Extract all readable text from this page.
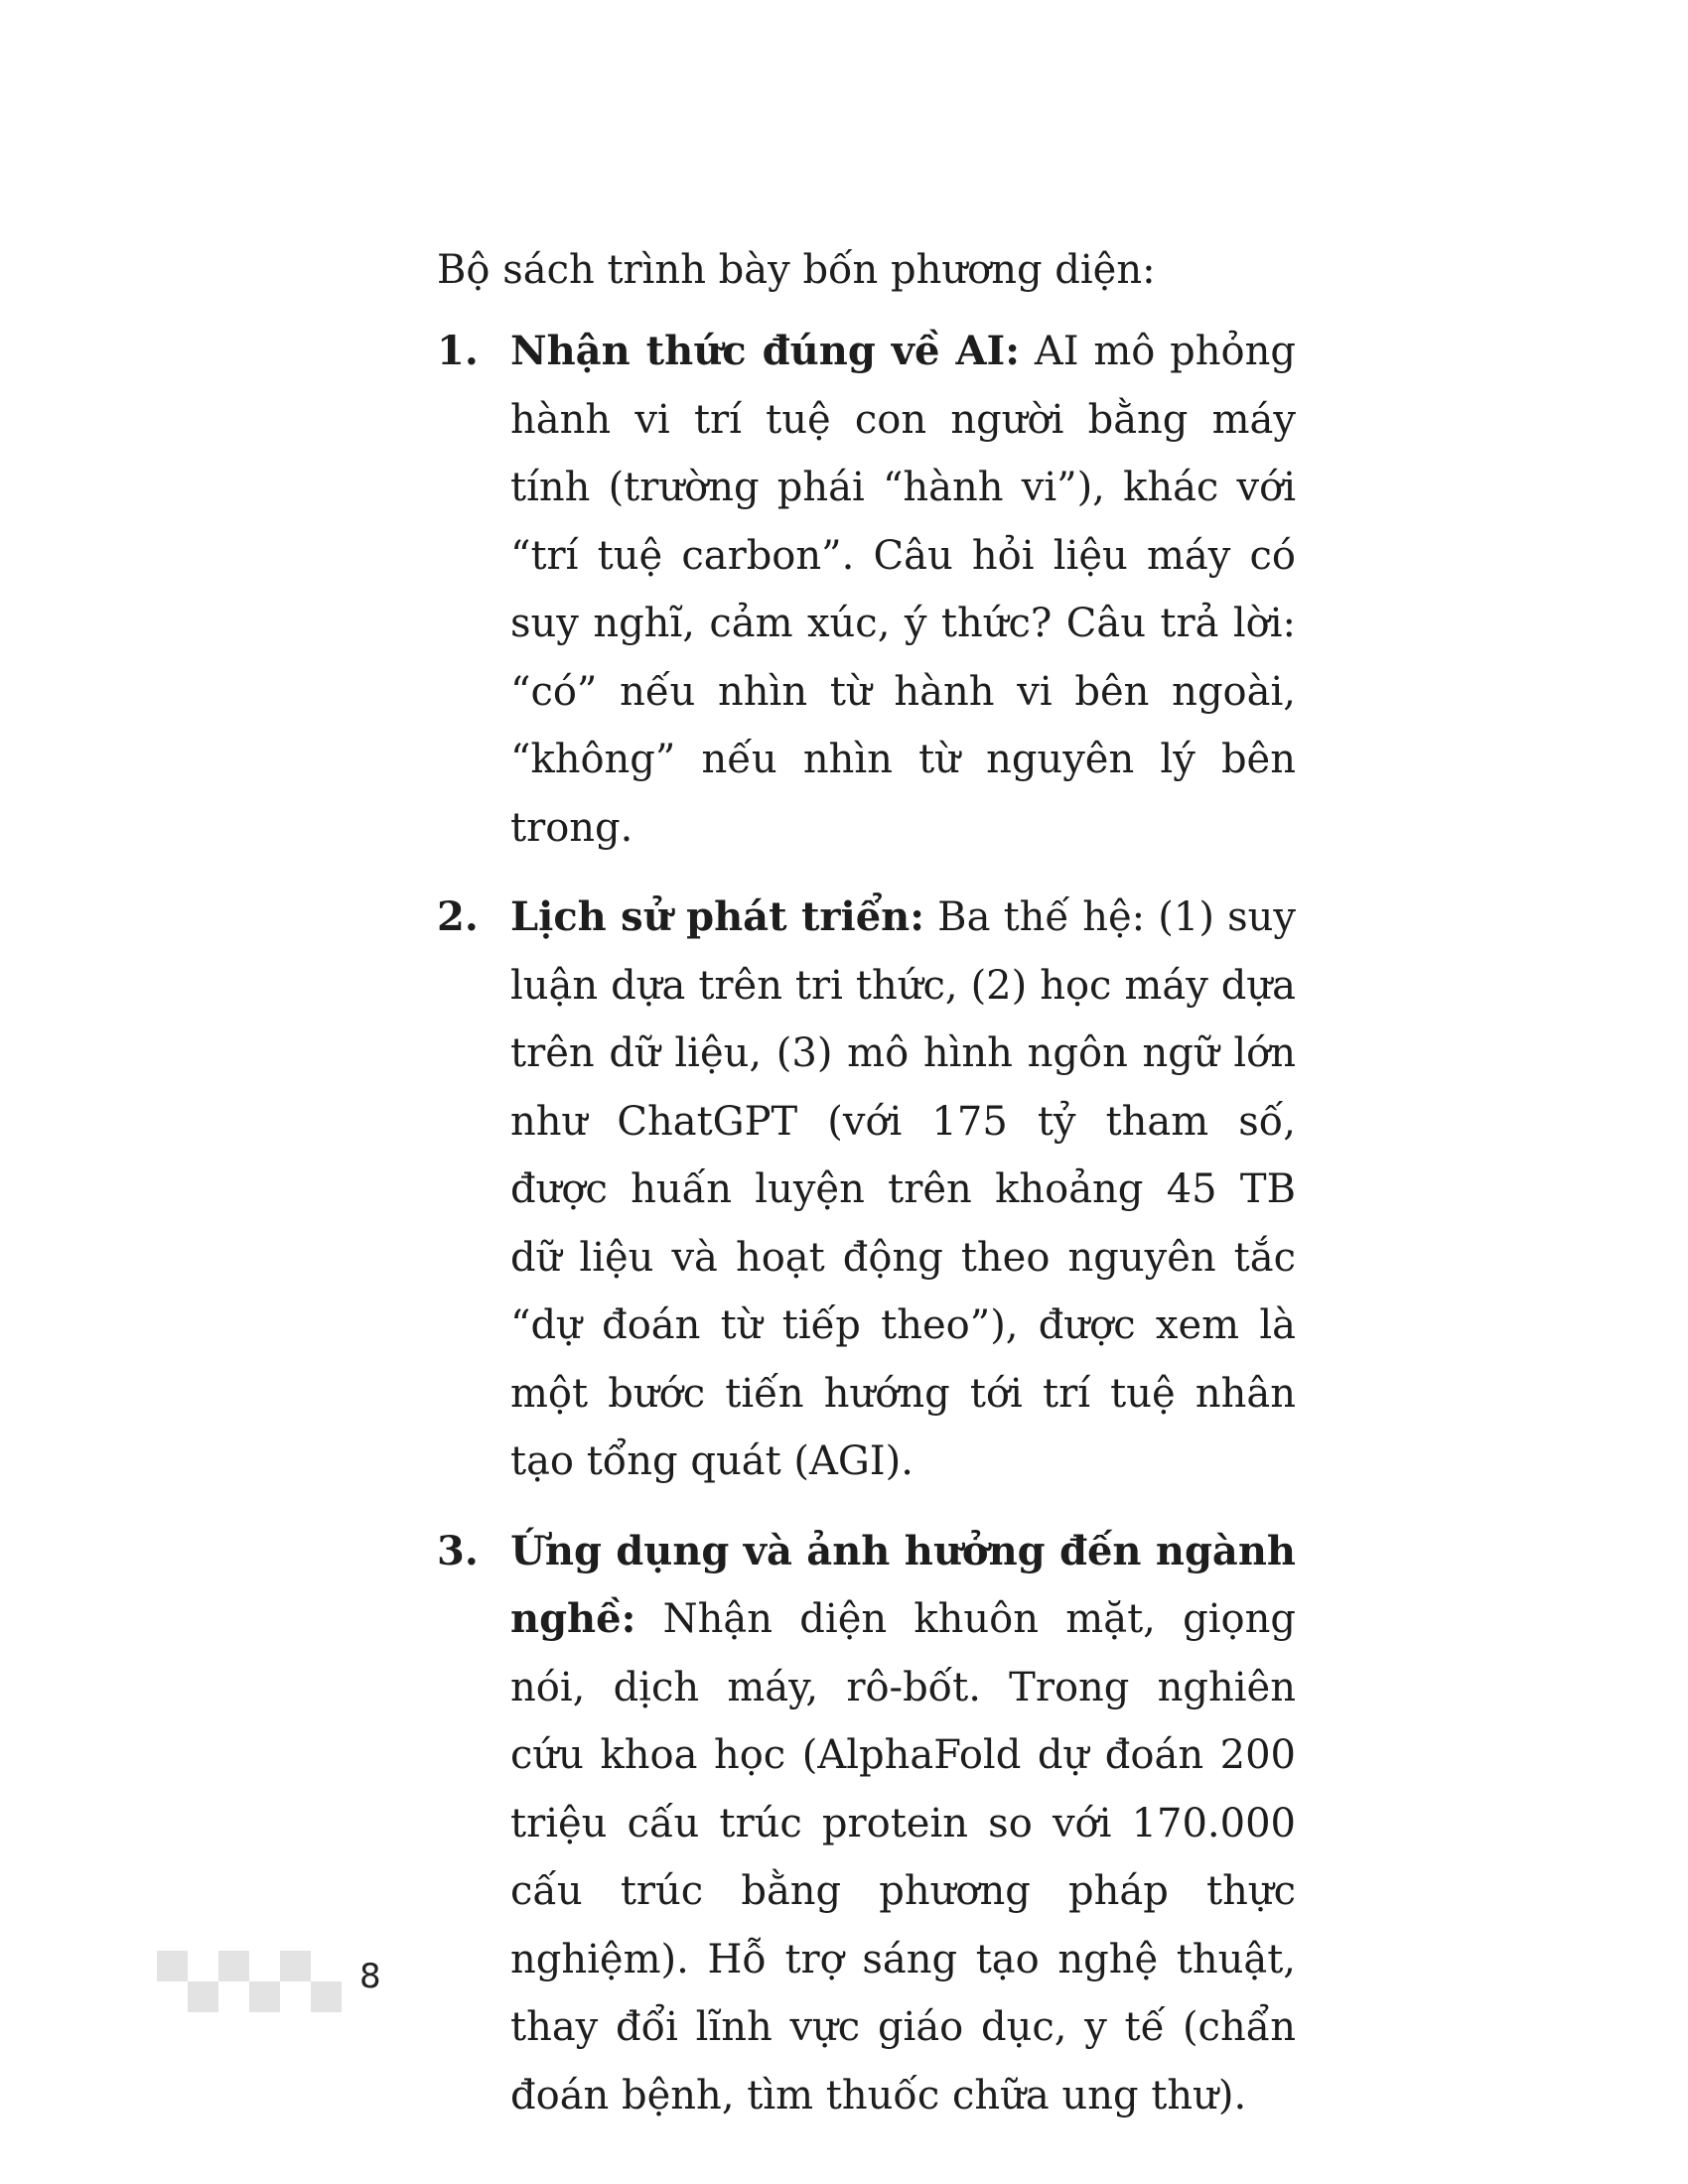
Bộ sách trình bày bốn phương diện:

1. Nhận thức đúng về AI: AI mô phỏng hành vi trí tuệ con người bằng máy tính (trường phái “hành vi”), khác với “trí tuệ carbon”. Câu hỏi liệu máy có suy nghĩ, cảm xúc, ý thức? Câu trả lời: “có” nếu nhìn từ hành vi bên ngoài, “không” nếu nhìn từ nguyên lý bên trong.
2. Lịch sử phát triển: Ba thế hệ: (1) suy luận dựa trên tri thức, (2) học máy dựa trên dữ liệu, (3) mô hình ngôn ngữ lớn như ChatGPT (với 175 tỷ tham số, được huấn luyện trên khoảng 45 TB dữ liệu và hoạt động theo nguyên tắc “dự đoán từ tiếp theo”), được xem là một bước tiến hướng tới trí tuệ nhân tạo tổng quát (AGI).
3. Ứng dụng và ảnh hưởng đến ngành nghề: Nhận diện khuôn mặt, giọng nói, dịch máy, rô-bốt. Trong nghiên cứu khoa học (AlphaFold dự đoán 200 triệu cấu trúc protein so với 170.000 cấu trúc bằng phương pháp thực nghiệm). Hỗ trợ sáng tạo nghệ thuật, thay đổi lĩnh vực giáo dục, y tế (chẩn đoán bệnh, tìm thuốc chữa ung thư).
8
